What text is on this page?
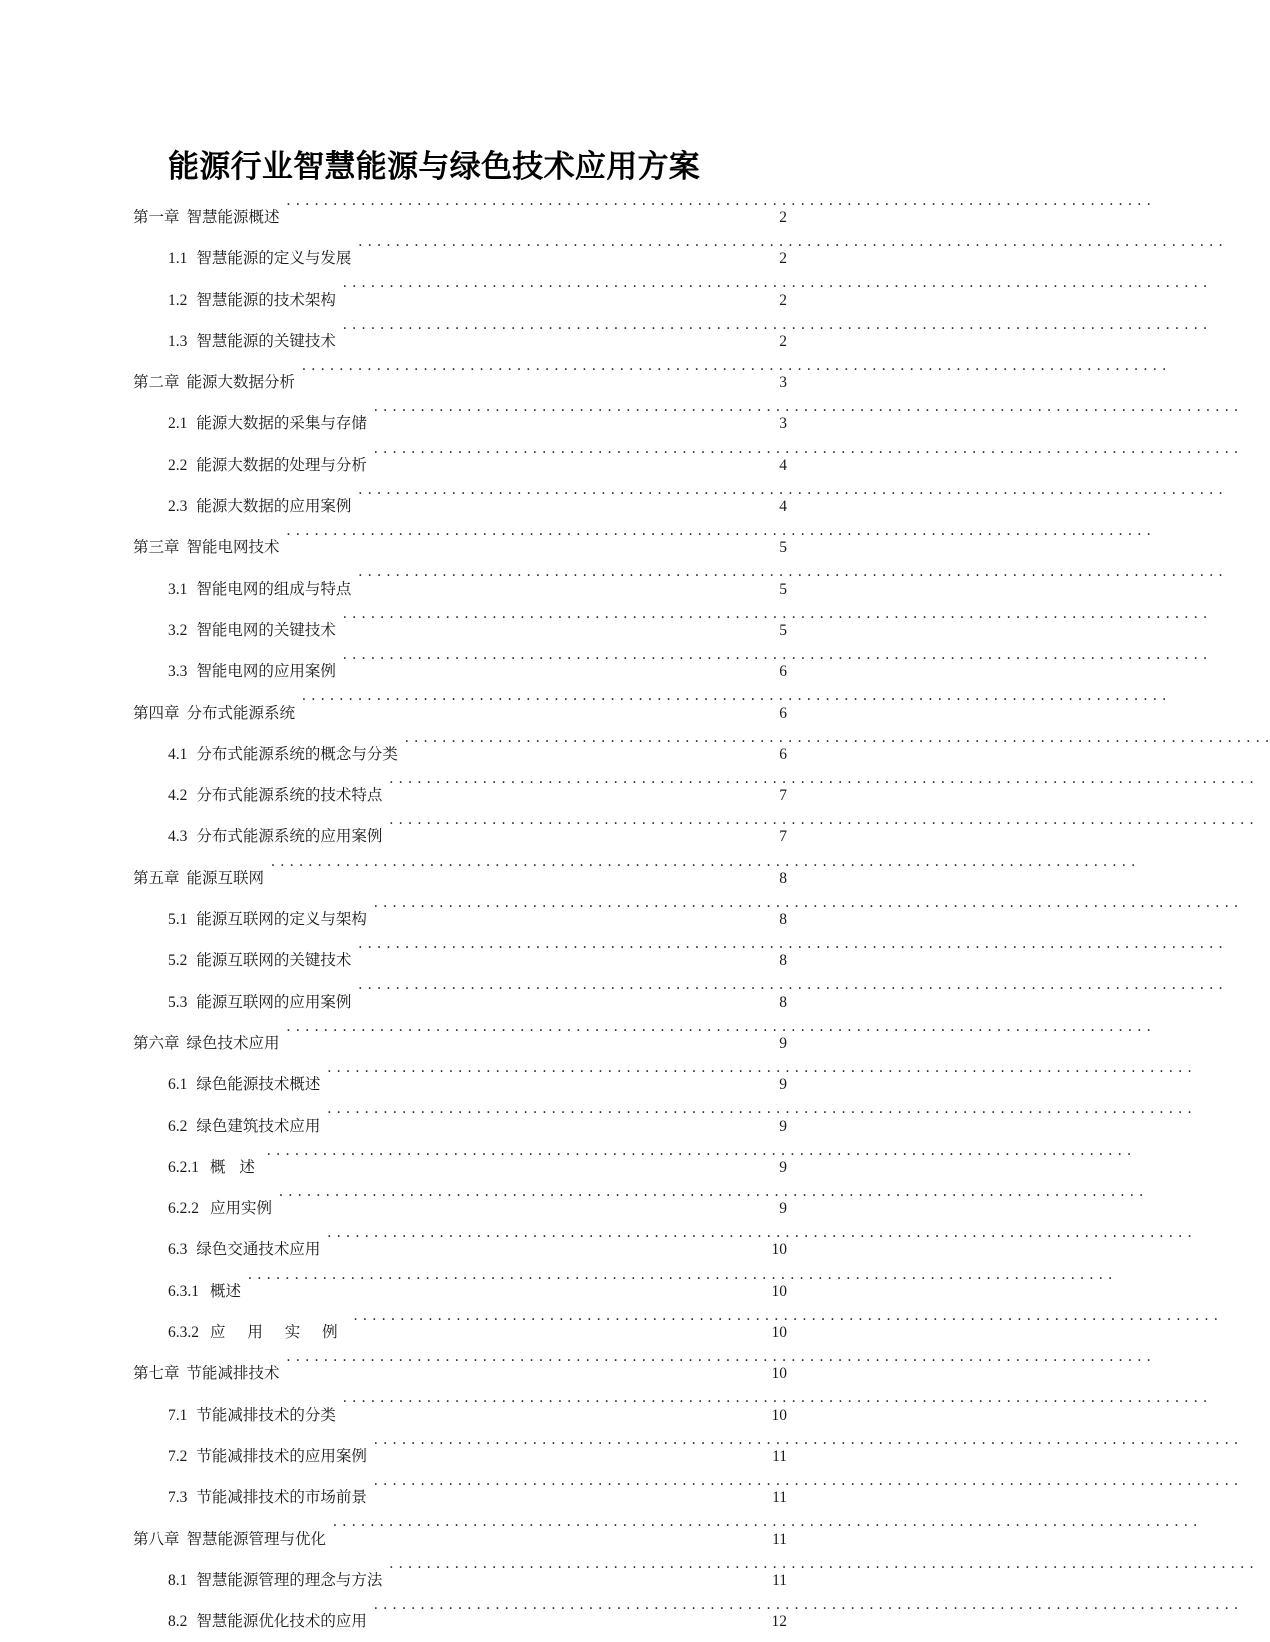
能源行业智慧能源与绿色技术应用方案
第一章 智慧能源概述 . . .	2
1.1 智慧能源的定义与发展 . . .	2
1.2 智慧能源的技术架构 . . .	2
1.3 智慧能源的关键技术 . . .	2
第二章 能源大数据分析 . . .	3
2.1 能源大数据的采集与存储 . . .	3
2.2 能源大数据的处理与分析 . . .	4
2.3 能源大数据的应用案例 . . .	4
第三章 智能电网技术 . . .	5
3.1 智能电网的组成与特点 . . .	5
3.2 智能电网的关键技术 . . .	5
3.3 智能电网的应用案例 . . .	6
第四章 分布式能源系统 . . .	6
4.1 分布式能源系统的概念与分类 . . .	6
4.2 分布式能源系统的技术特点 . . .	7
4.3 分布式能源系统的应用案例 . . .	7
第五章 能源互联网 . . .	8
5.1 能源互联网的定义与架构 . . .	8
5.2 能源互联网的关键技术 . . .	8
5.3 能源互联网的应用案例 . . .	8
第六章 绿色技术应用 . . .	9
6.1 绿色能源技术概述 . . .	9
6.2 绿色建筑技术应用 . . .	9
6.2.1 概 述 . . .	9
6.2.2 应用实例 . . .	9
6.3 绿色交通技术应用 . . .	10
6.3.1 概述 . . .	10
6.3.2 应 用 实 例 . . .	10
第七章 节能减排技术 . . .	10
7.1 节能减排技术的分类 . . .	10
7.2 节能减排技术的应用案例 . . .	11
7.3 节能减排技术的市场前景 . . .	11
第八章 智慧能源管理与优化 . . .	11
8.1 智慧能源管理的理念与方法 . . .	11
8.2 智慧能源优化技术的应用 . . .	12
